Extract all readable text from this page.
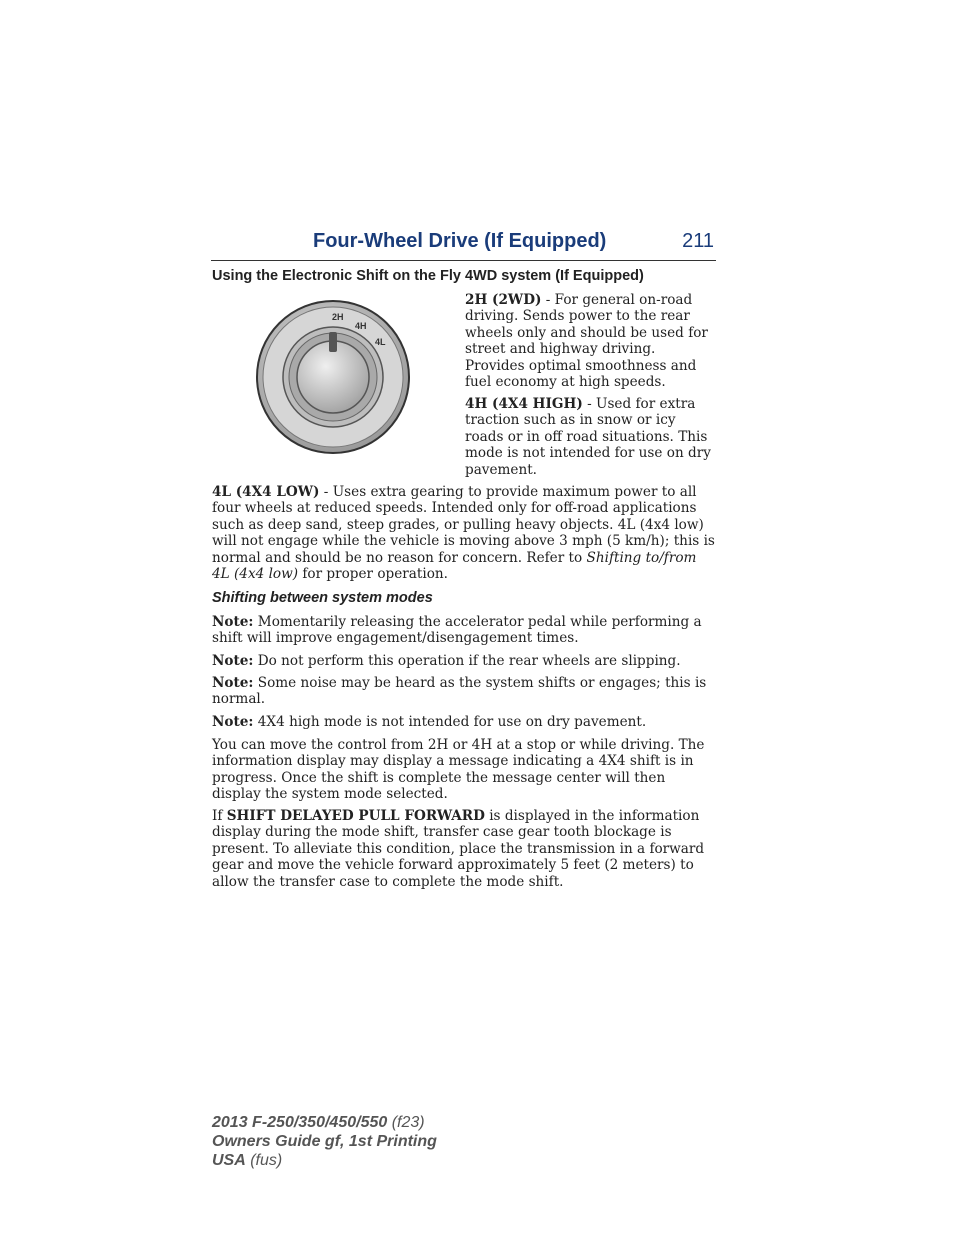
Four-Wheel Drive (If Equipped)	211
Using the Electronic Shift on the Fly 4WD system (If Equipped)
2H
4H
4L

2H (2WD) - For general on-road driving. Sends power to the rear wheels only and should be used for street and highway driving. Provides optimal smoothness and fuel economy at high speeds.

4H (4X4 HIGH) - Used for extra traction such as in snow or icy roads or in off road situations. This mode is not intended for use on dry pavement.

4L (4X4 LOW) - Uses extra gearing to provide maximum power to all four wheels at reduced speeds. Intended only for off-road applications such as deep sand, steep grades, or pulling heavy objects. 4L (4x4 low) will not engage while the vehicle is moving above 3 mph (5 km/h); this is normal and should be no reason for concern. Refer to Shifting to/from 4L (4x4 low) for proper operation.

Shifting between system modes

Note: Momentarily releasing the accelerator pedal while performing a shift will improve engagement/disengagement times.

Note: Do not perform this operation if the rear wheels are slipping.

Note: Some noise may be heard as the system shifts or engages; this is normal.

Note: 4X4 high mode is not intended for use on dry pavement.

You can move the control from 2H or 4H at a stop or while driving. The information display may display a message indicating a 4X4 shift is in progress. Once the shift is complete the message center will then display the system mode selected.

If SHIFT DELAYED PULL FORWARD is displayed in the information display during the mode shift, transfer case gear tooth blockage is present. To alleviate this condition, place the transmission in a forward gear and move the vehicle forward approximately 5 feet (2 meters) to allow the transfer case to complete the mode shift.

2013 F-250/350/450/550 (f23)
Owners Guide gf, 1st Printing
USA (fus)
